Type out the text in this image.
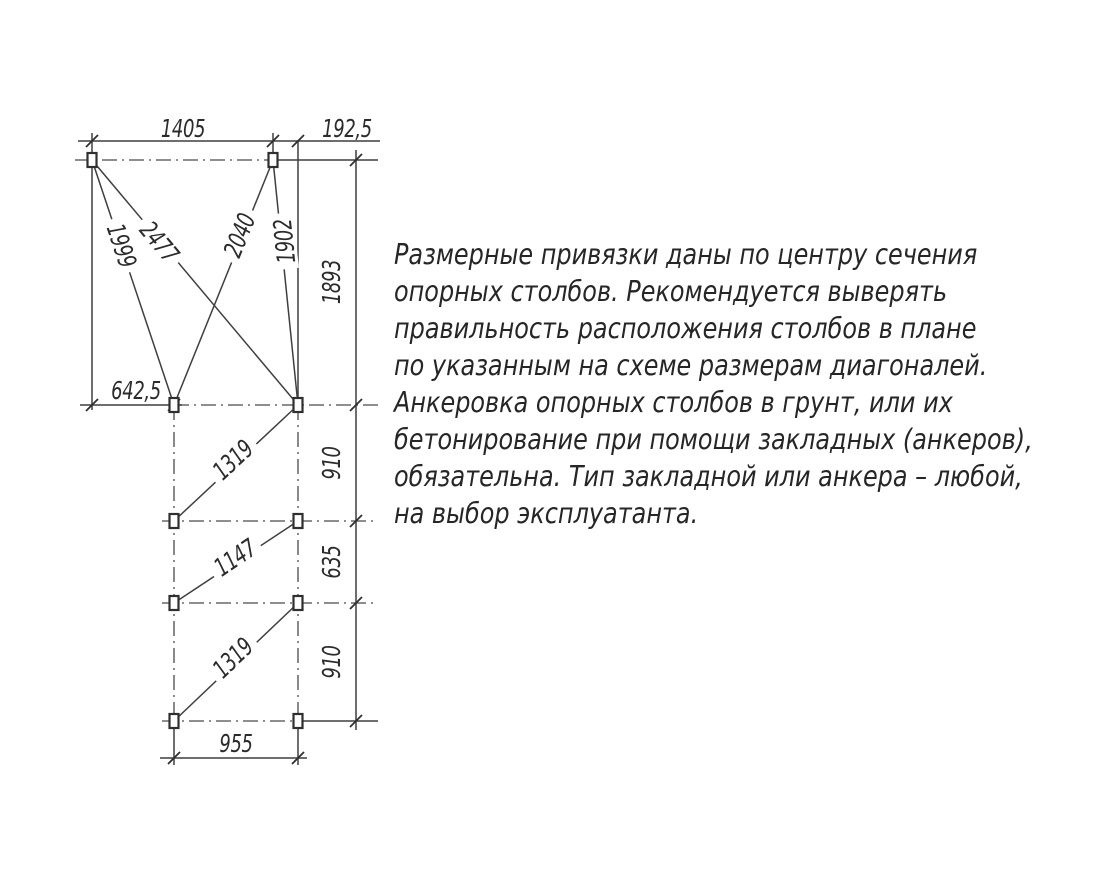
1405	192,5
642,5
955
1893
910
635
910
1999
2477 2040 1902
1319
1147
1319
Размерные привязки даны по центру сечения
опорных столбов. Рекомендуется выверять
правильность расположения столбов в плане
по указанным на схеме размерам диагоналей.
Анкеровка опорных столбов в грунт, или их
бетонирование при помощи закладных (анкеров),
обязательна. Тип закладной или анкера – любой,
на выбор эксплуатанта.
